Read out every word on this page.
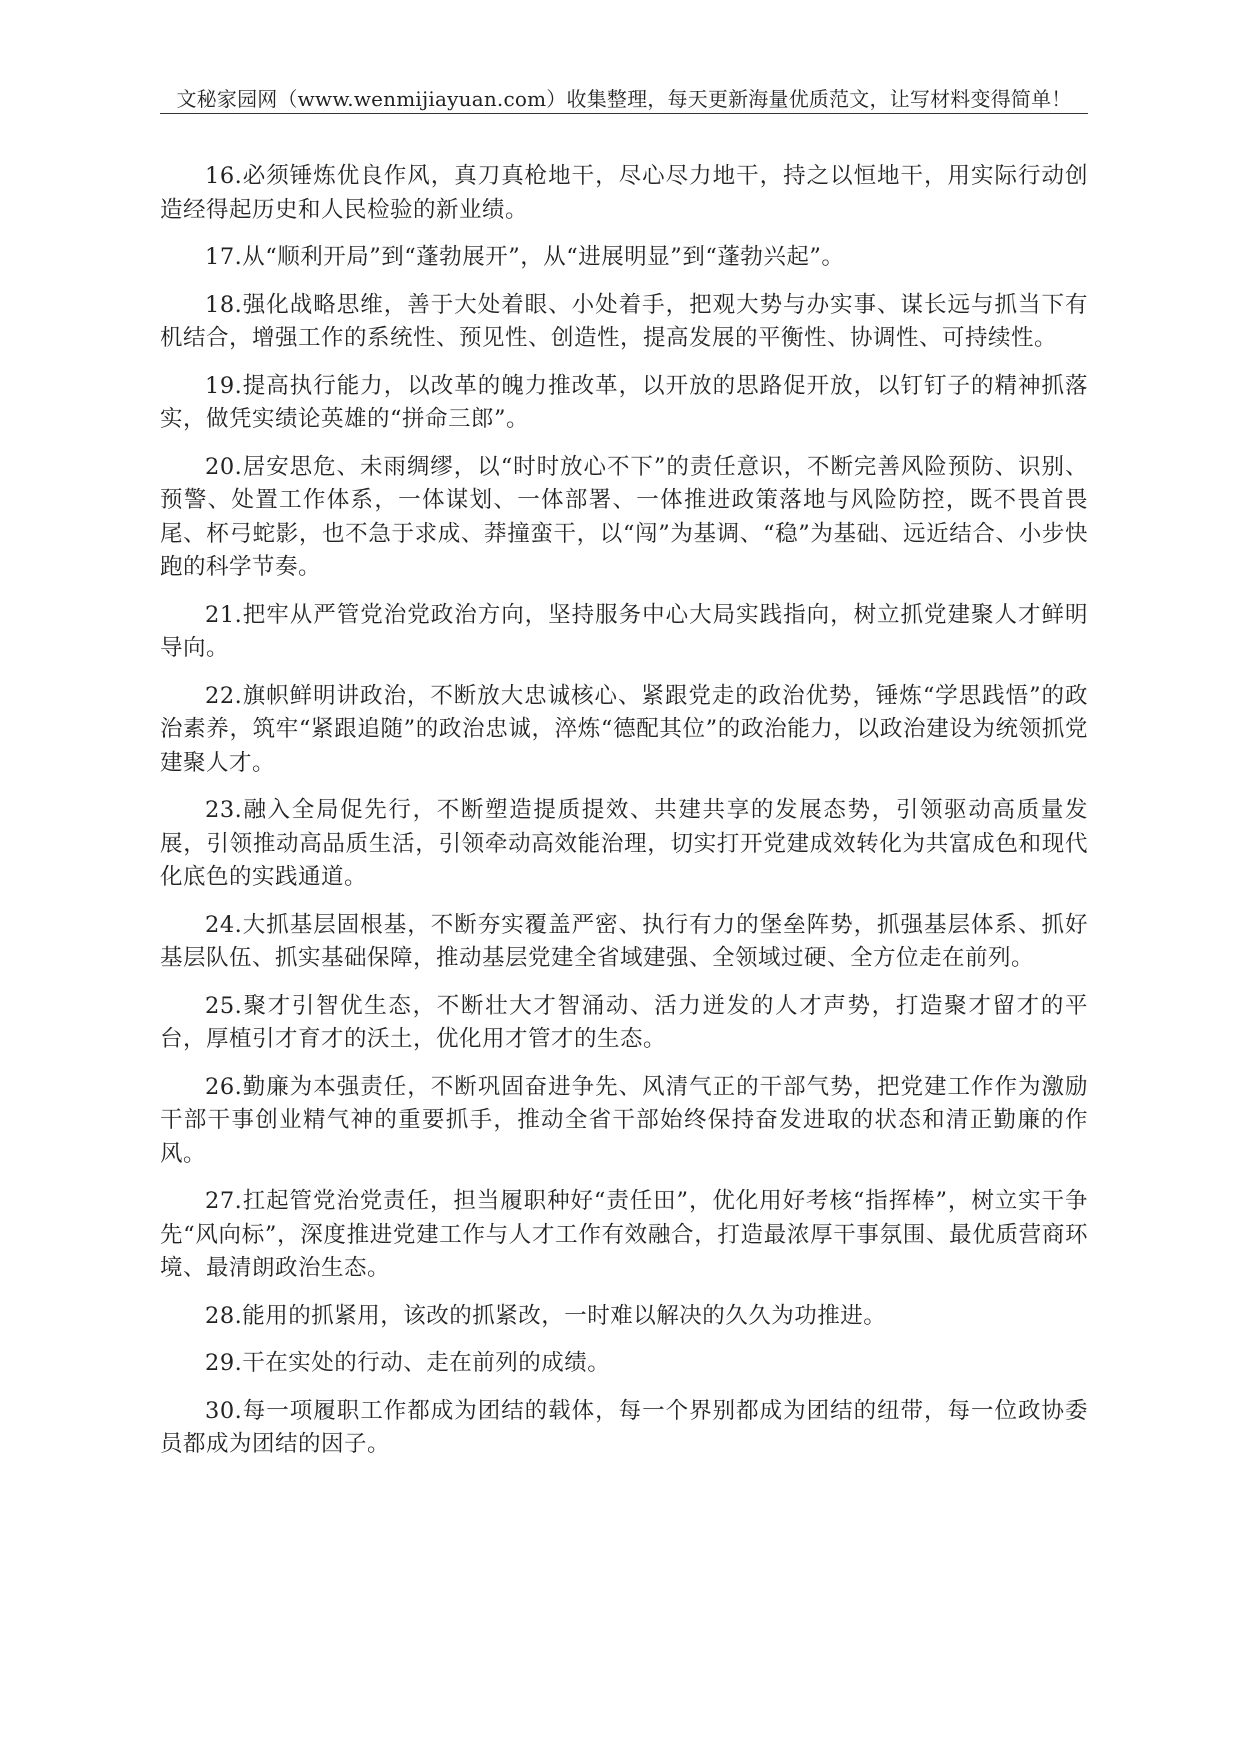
文秘家园网（www.wenmijiayuan.com）收集整理，每天更新海量优质范文，让写材料变得简单！

16.必须锤炼优良作风，真刀真枪地干，尽心尽力地干，持之以恒地干，用实际行动创造经得起历史和人民检验的新业绩。

17.从“顺利开局”到“蓬勃展开”，从“进展明显”到“蓬勃兴起”。

18.强化战略思维，善于大处着眼、小处着手，把观大势与办实事、谋长远与抓当下有机结合，增强工作的系统性、预见性、创造性，提高发展的平衡性、协调性、可持续性。

19.提高执行能力，以改革的魄力推改革，以开放的思路促开放，以钉钉子的精神抓落实，做凭实绩论英雄的“拼命三郎”。

20.居安思危、未雨绸缪，以“时时放心不下”的责任意识，不断完善风险预防、识别、预警、处置工作体系，一体谋划、一体部署、一体推进政策落地与风险防控，既不畏首畏尾、杯弓蛇影，也不急于求成、莽撞蛮干，以“闯”为基调、“稳”为基础、远近结合、小步快跑的科学节奏。

21.把牢从严管党治党政治方向，坚持服务中心大局实践指向，树立抓党建聚人才鲜明导向。

22.旗帜鲜明讲政治，不断放大忠诚核心、紧跟党走的政治优势，锤炼“学思践悟”的政治素养，筑牢“紧跟追随”的政治忠诚，淬炼“德配其位”的政治能力，以政治建设为统领抓党建聚人才。

23.融入全局促先行，不断塑造提质提效、共建共享的发展态势，引领驱动高质量发展，引领推动高品质生活，引领牵动高效能治理，切实打开党建成效转化为共富成色和现代化底色的实践通道。

24.大抓基层固根基，不断夯实覆盖严密、执行有力的堡垒阵势，抓强基层体系、抓好基层队伍、抓实基础保障，推动基层党建全省域建强、全领域过硬、全方位走在前列。

25.聚才引智优生态，不断壮大才智涌动、活力迸发的人才声势，打造聚才留才的平台，厚植引才育才的沃土，优化用才管才的生态。

26.勤廉为本强责任，不断巩固奋进争先、风清气正的干部气势，把党建工作作为激励干部干事创业精气神的重要抓手，推动全省干部始终保持奋发进取的状态和清正勤廉的作风。

27.扛起管党治党责任，担当履职种好“责任田”，优化用好考核“指挥棒”，树立实干争先“风向标”，深度推进党建工作与人才工作有效融合，打造最浓厚干事氛围、最优质营商环境、最清朗政治生态。

28.能用的抓紧用，该改的抓紧改，一时难以解决的久久为功推进。

29.干在实处的行动、走在前列的成绩。

30.每一项履职工作都成为团结的载体，每一个界别都成为团结的纽带，每一位政协委员都成为团结的因子。
